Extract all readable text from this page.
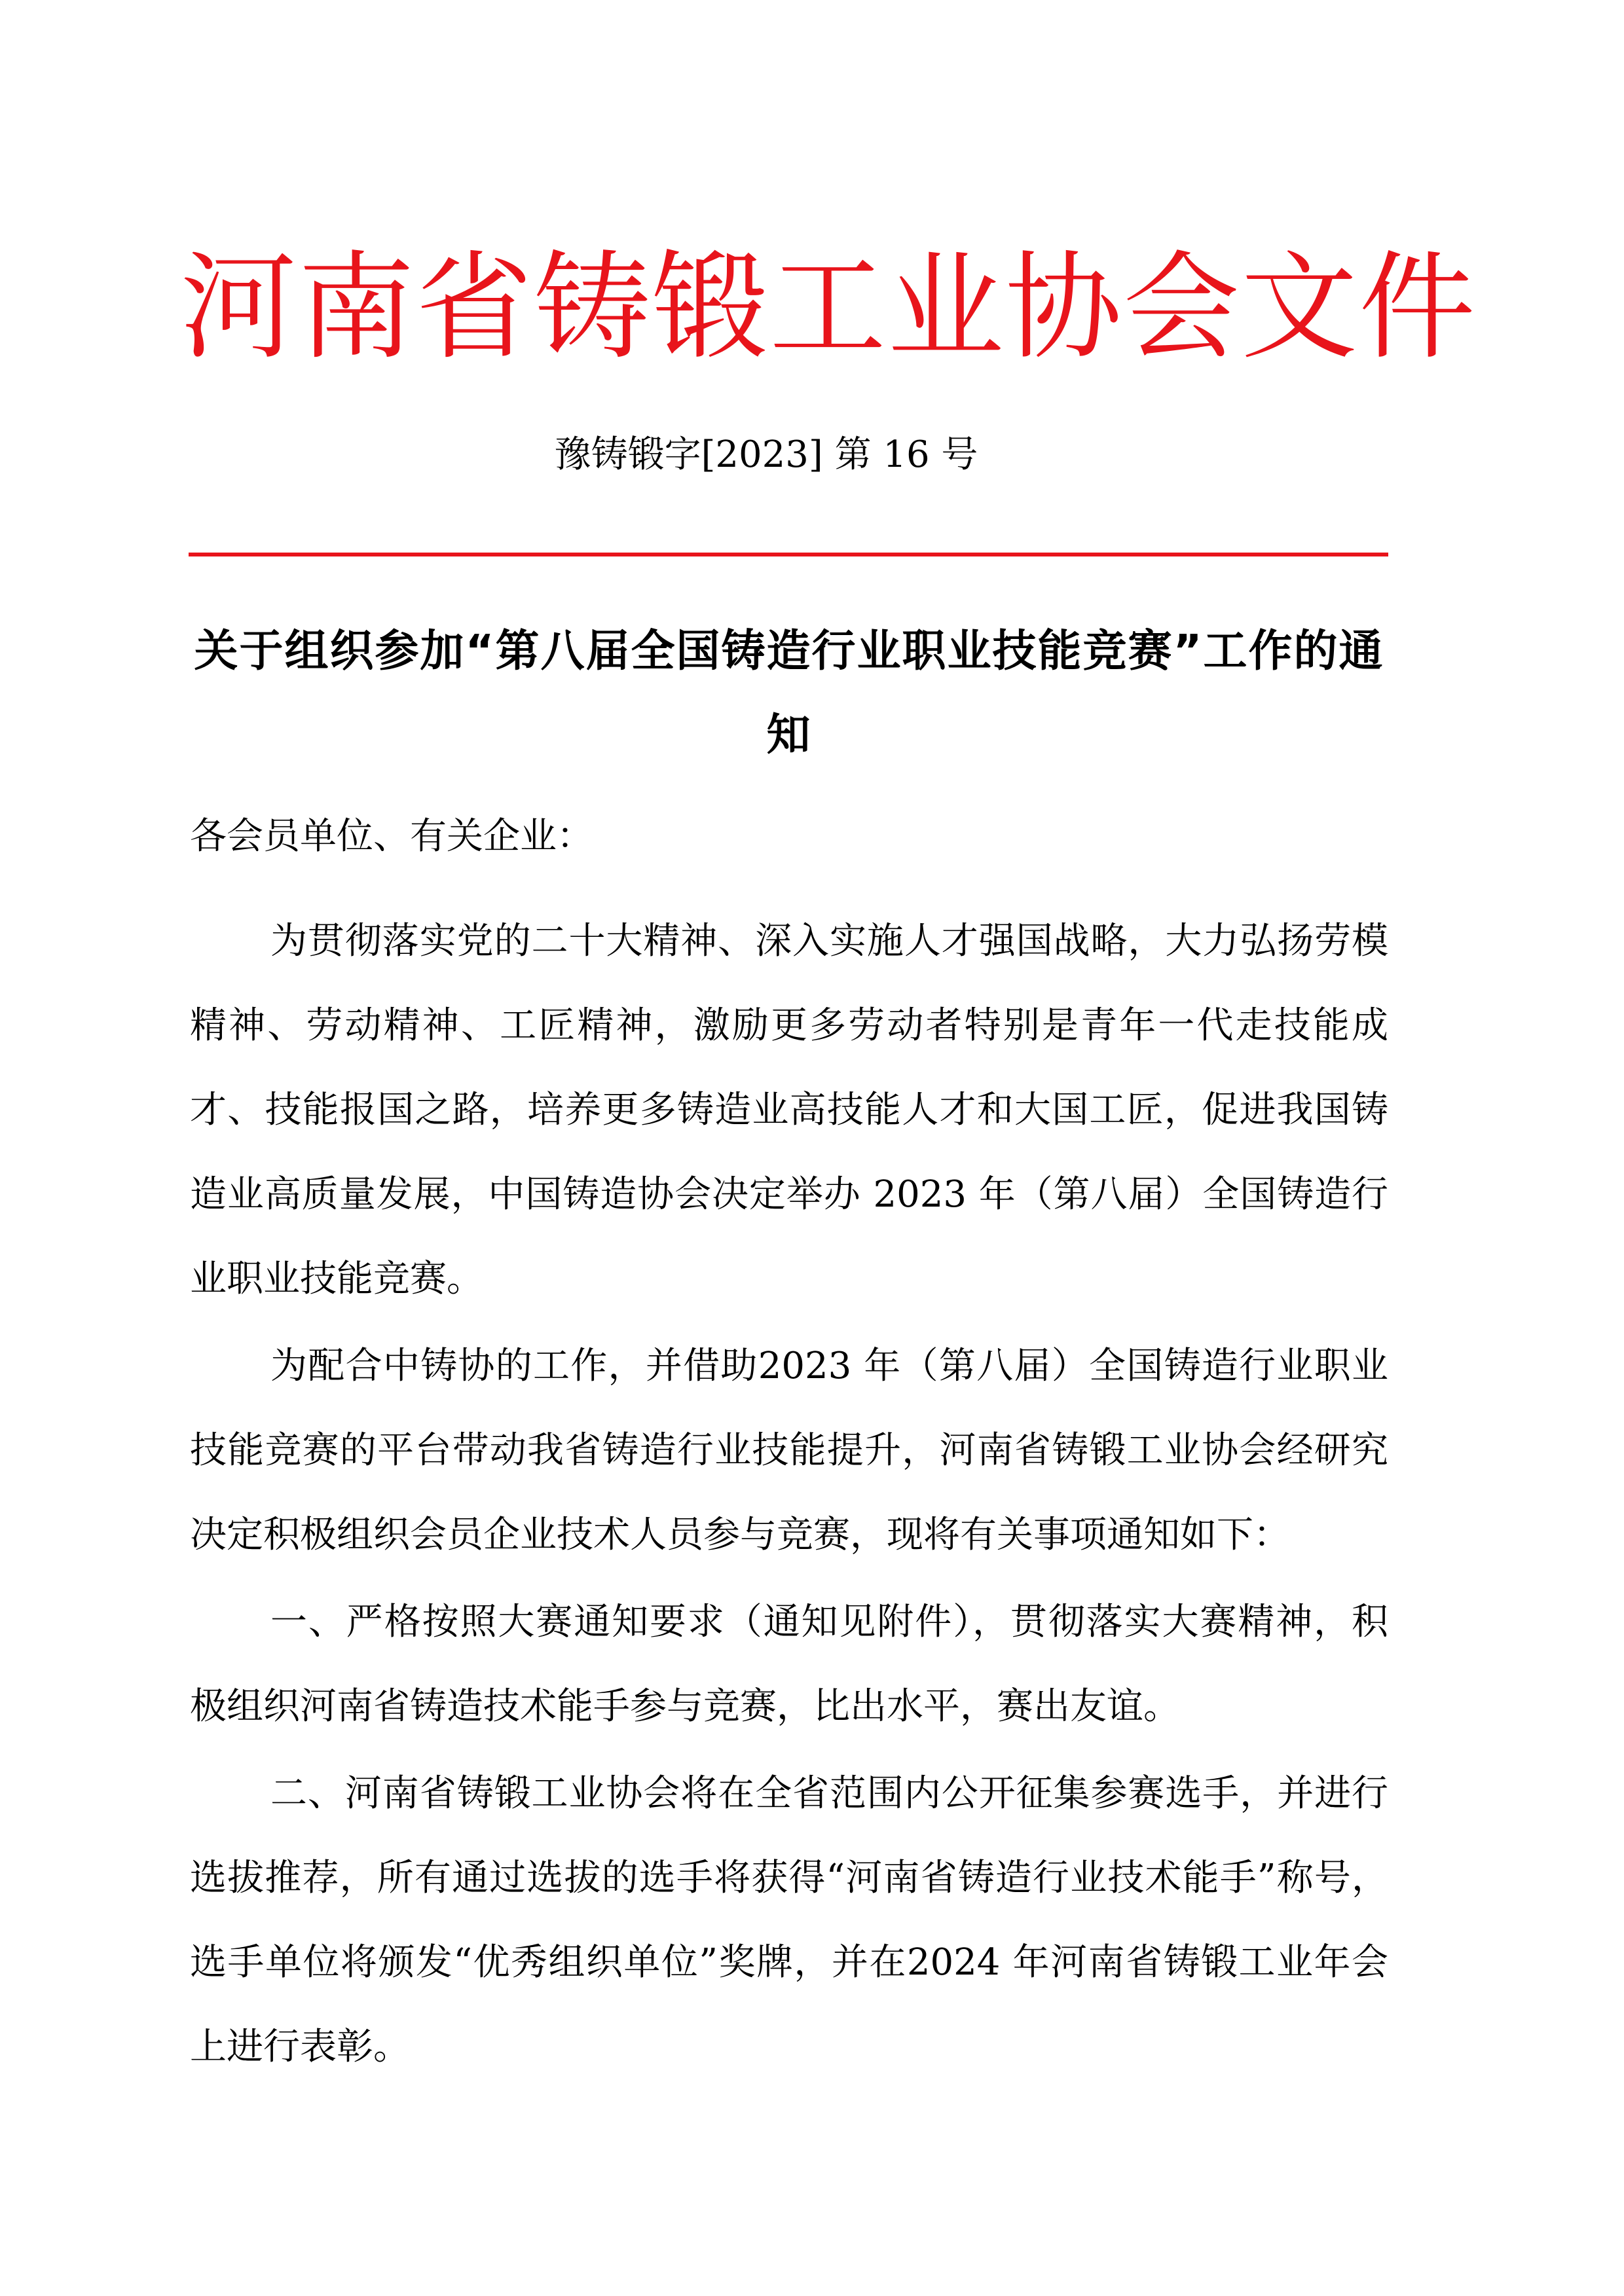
河南省铸锻工业协会文件
豫铸锻字[2023] 第 16 号
关于组织参加“第八届全国铸造行业职业技能竞赛”工作的通知
各会员单位、有关企业：

为贯彻落实党的二十大精神、深入实施人才强国战略，大力弘扬劳模精神、劳动精神、工匠精神，激励更多劳动者特别是青年一代走技能成才、技能报国之路，培养更多铸造业高技能人才和大国工匠，促进我国铸造业高质量发展，中国铸造协会决定举办 2023 年（第八届）全国铸造行业职业技能竞赛。

为配合中铸协的工作，并借助2023 年（第八届）全国铸造行业职业技能竞赛的平台带动我省铸造行业技能提升，河南省铸锻工业协会经研究决定积极组织会员企业技术人员参与竞赛，现将有关事项通知如下：

一、严格按照大赛通知要求（通知见附件），贯彻落实大赛精神，积极组织河南省铸造技术能手参与竞赛，比出水平，赛出友谊。

二、河南省铸锻工业协会将在全省范围内公开征集参赛选手，并进行选拔推荐，所有通过选拔的选手将获得“河南省铸造行业技术能手”称号，选手单位将颁发“优秀组织单位”奖牌，并在2024 年河南省铸锻工业年会上进行表彰。
